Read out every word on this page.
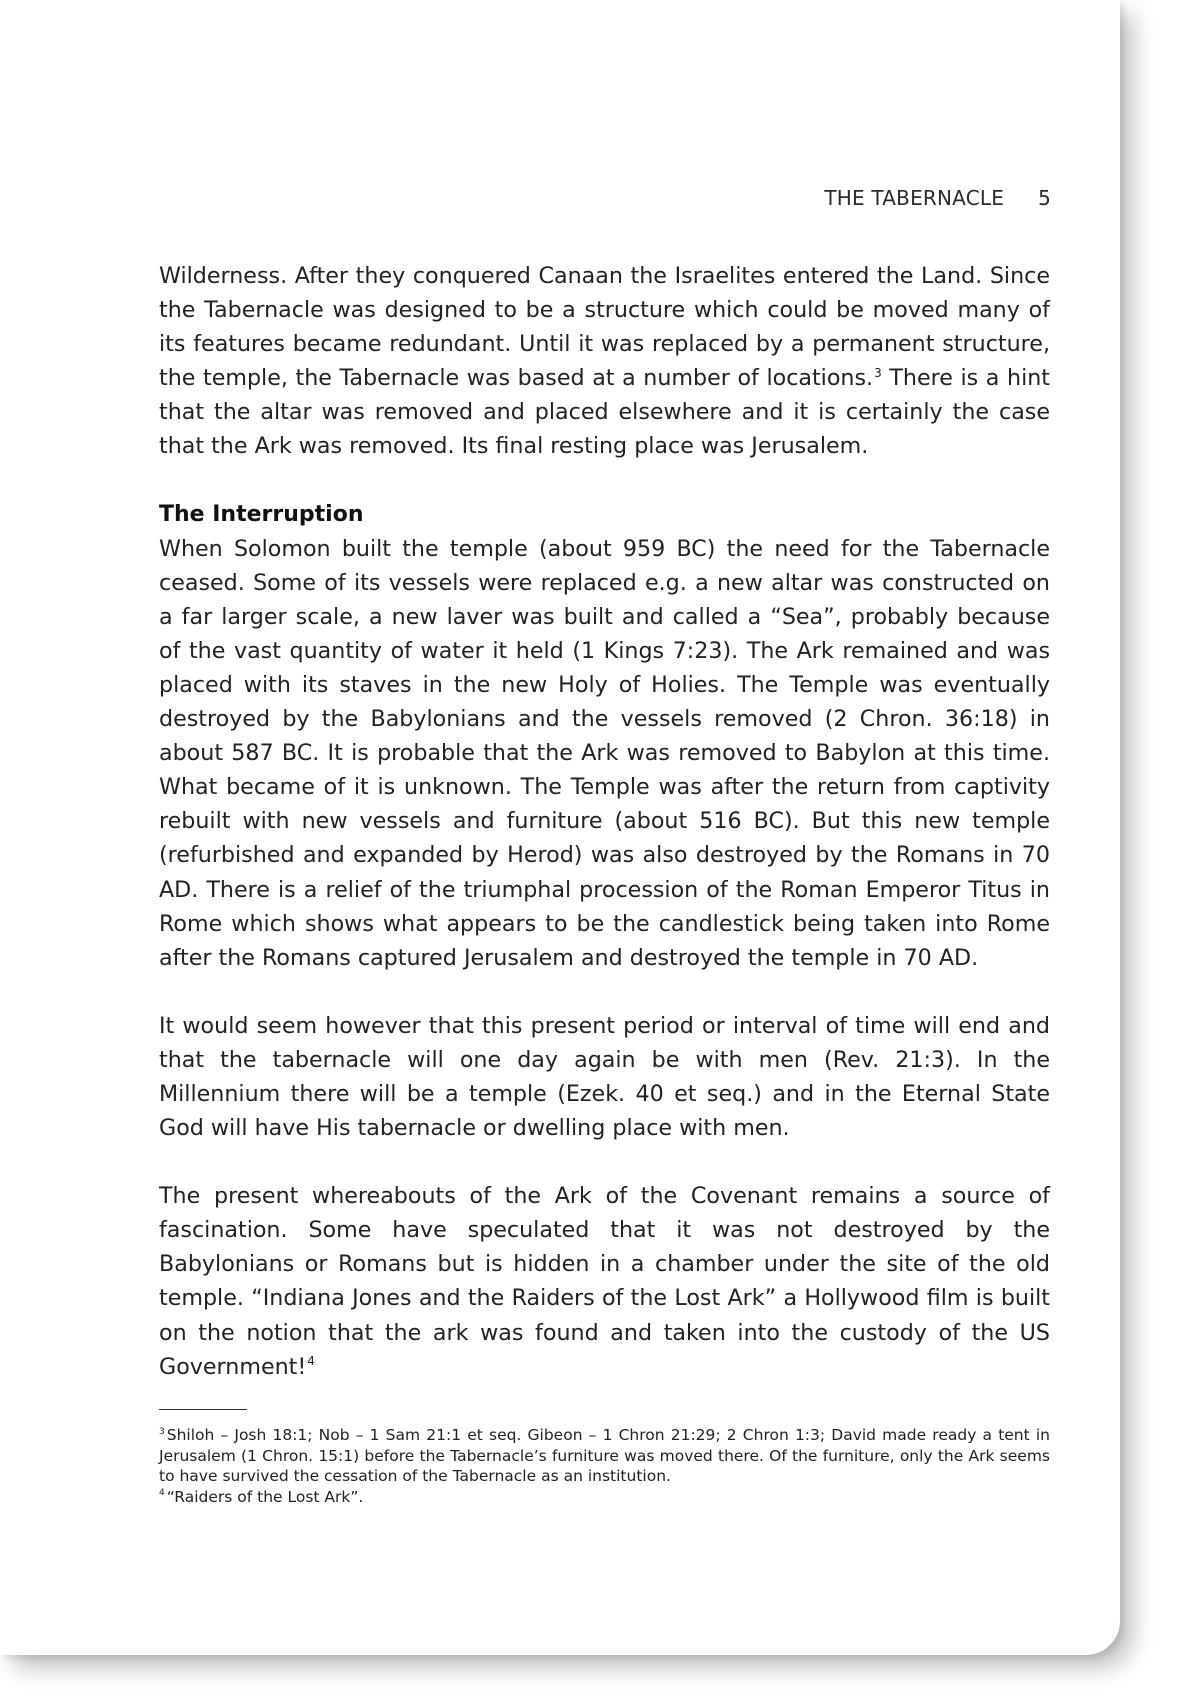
THE TABERNACLE 5

Wilderness. After they conquered Canaan the Israelites entered the Land. Since the Tabernacle was designed to be a structure which could be moved many of its features became redundant. Until it was replaced by a permanent structure, the temple, the Tabernacle was based at a number of locations.$^3$ There is a hint that the altar was removed and placed elsewhere and it is certainly the case that the Ark was removed. Its final resting place was Jerusalem.

The Interruption

When Solomon built the temple (about 959 BC) the need for the Tabernacle ceased. Some of its vessels were replaced e.g. a new altar was constructed on a far larger scale, a new laver was built and called a “Sea”, probably because of the vast quantity of water it held (1 Kings 7:23). The Ark remained and was placed with its staves in the new Holy of Holies. The Temple was eventually destroyed by the Babylonians and the vessels removed (2 Chron. 36:18) in about 587 BC. It is probable that the Ark was removed to Babylon at this time. What became of it is unknown. The Temple was after the return from captivity rebuilt with new vessels and furniture (about 516 BC). But this new temple (refurbished and expanded by Herod) was also destroyed by the Romans in 70 AD. There is a relief of the triumphal procession of the Roman Emperor Titus in Rome which shows what appears to be the candlestick being taken into Rome after the Romans captured Jerusalem and destroyed the temple in 70 AD.

It would seem however that this present period or interval of time will end and that the tabernacle will one day again be with men (Rev. 21:3). In the Millennium there will be a temple (Ezek. 40 et seq.) and in the Eternal State God will have His tabernacle or dwelling place with men.

The present whereabouts of the Ark of the Covenant remains a source of fascination. Some have speculated that it was not destroyed by the Babylonians or Romans but is hidden in a chamber under the site of the old temple. “Indiana Jones and the Raiders of the Lost Ark” a Hollywood film is built on the notion that the ark was found and taken into the custody of the US Government!$^4$

$^3$ Shiloh – Josh 18:1; Nob – 1 Sam 21:1 et seq. Gibeon – 1 Chron 21:29; 2 Chron 1:3; David made ready a tent in Jerusalem (1 Chron. 15:1) before the Tabernacle’s furniture was moved there. Of the furniture, only the Ark seems to have survived the cessation of the Tabernacle as an institution.

$^4$ “Raiders of the Lost Ark”.
